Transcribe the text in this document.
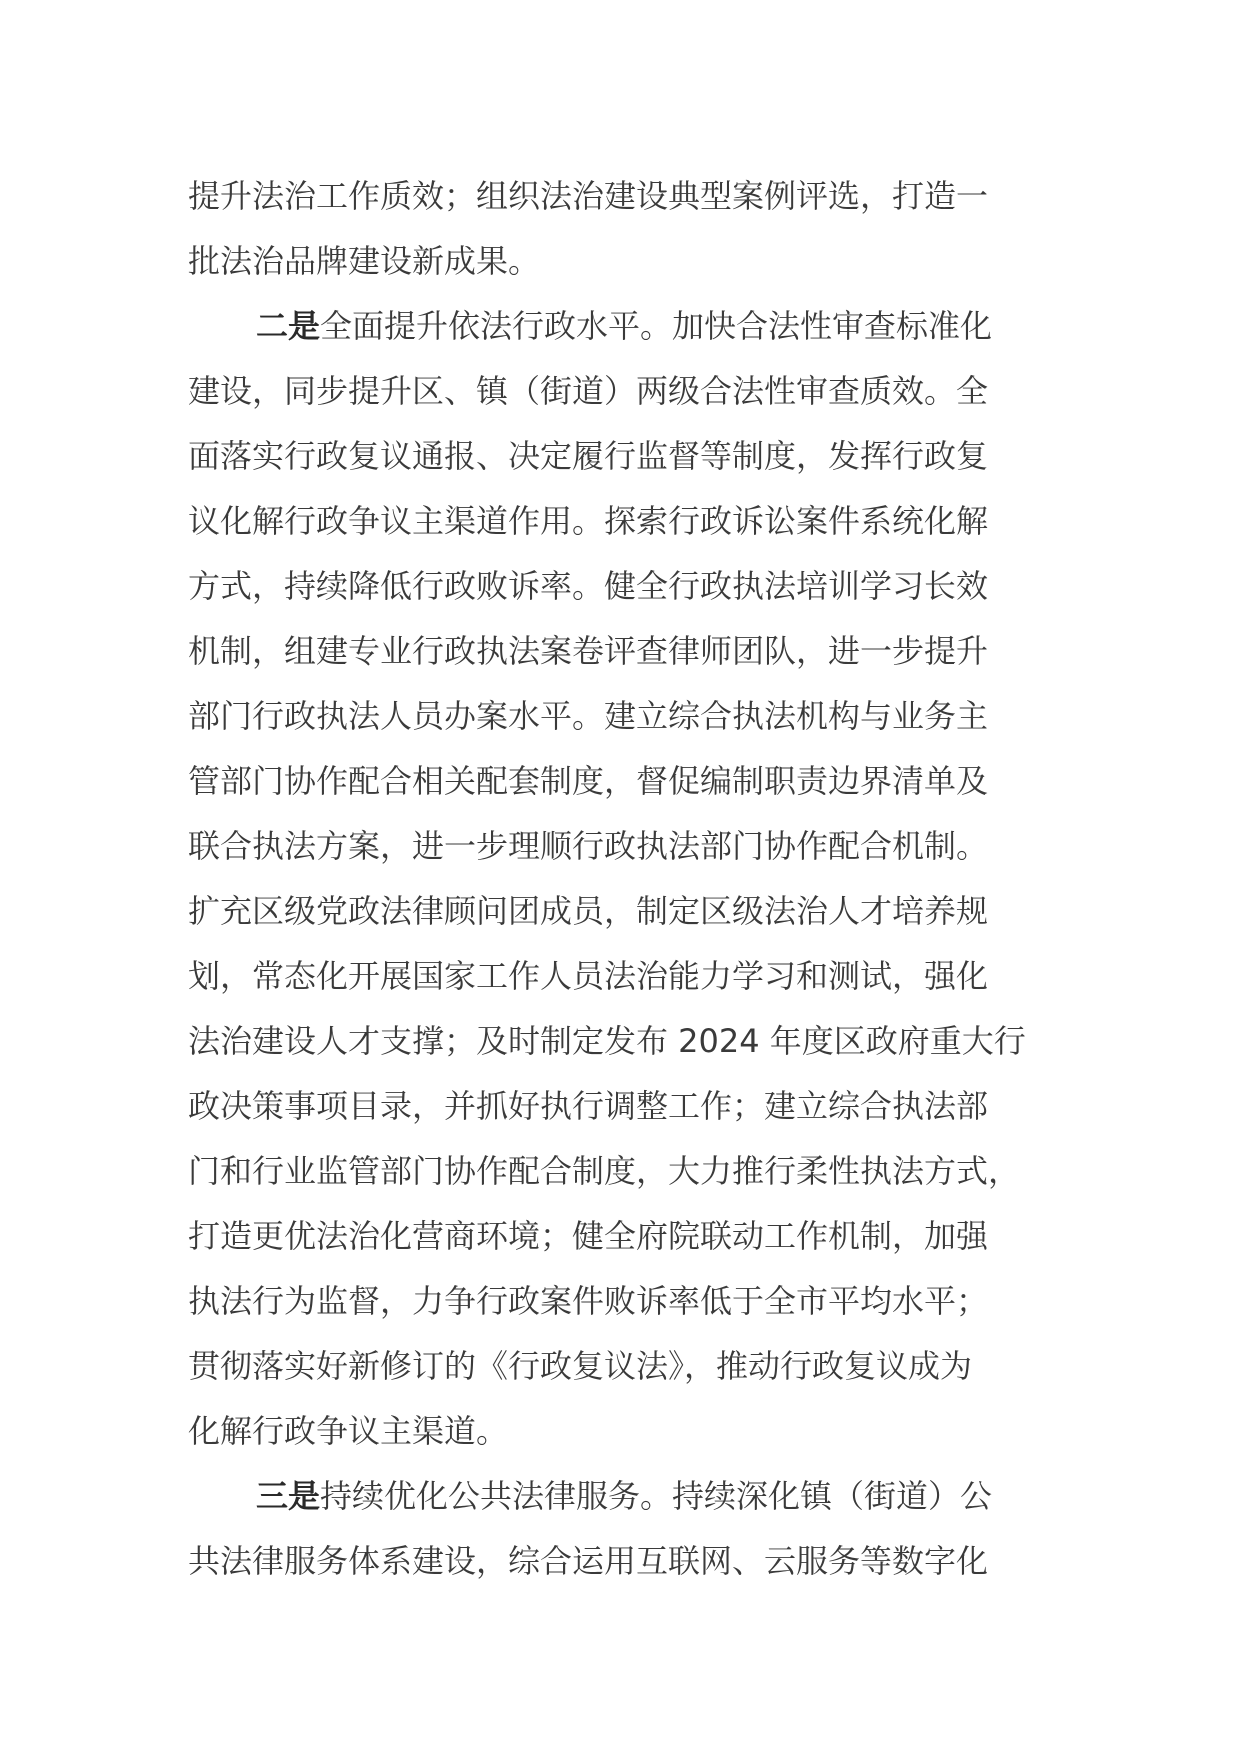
提升法治工作质效；组织法治建设典型案例评选，打造一
批法治品牌建设新成果。
二是全面提升依法行政水平。加快合法性审查标准化
建设，同步提升区、镇（街道）两级合法性审查质效。全
面落实行政复议通报、决定履行监督等制度，发挥行政复
议化解行政争议主渠道作用。探索行政诉讼案件系统化解
方式，持续降低行政败诉率。健全行政执法培训学习长效
机制，组建专业行政执法案卷评查律师团队，进一步提升
部门行政执法人员办案水平。建立综合执法机构与业务主
管部门协作配合相关配套制度，督促编制职责边界清单及
联合执法方案，进一步理顺行政执法部门协作配合机制。
扩充区级党政法律顾问团成员，制定区级法治人才培养规
划，常态化开展国家工作人员法治能力学习和测试，强化
法治建设人才支撑；及时制定发布 2024 年度区政府重大行
政决策事项目录，并抓好执行调整工作；建立综合执法部
门和行业监管部门协作配合制度，大力推行柔性执法方式，
打造更优法治化营商环境；健全府院联动工作机制，加强
执法行为监督，力争行政案件败诉率低于全市平均水平；
贯彻落实好新修订的《行政复议法》，推动行政复议成为
化解行政争议主渠道。
三是持续优化公共法律服务。持续深化镇（街道）公
共法律服务体系建设，综合运用互联网、云服务等数字化
